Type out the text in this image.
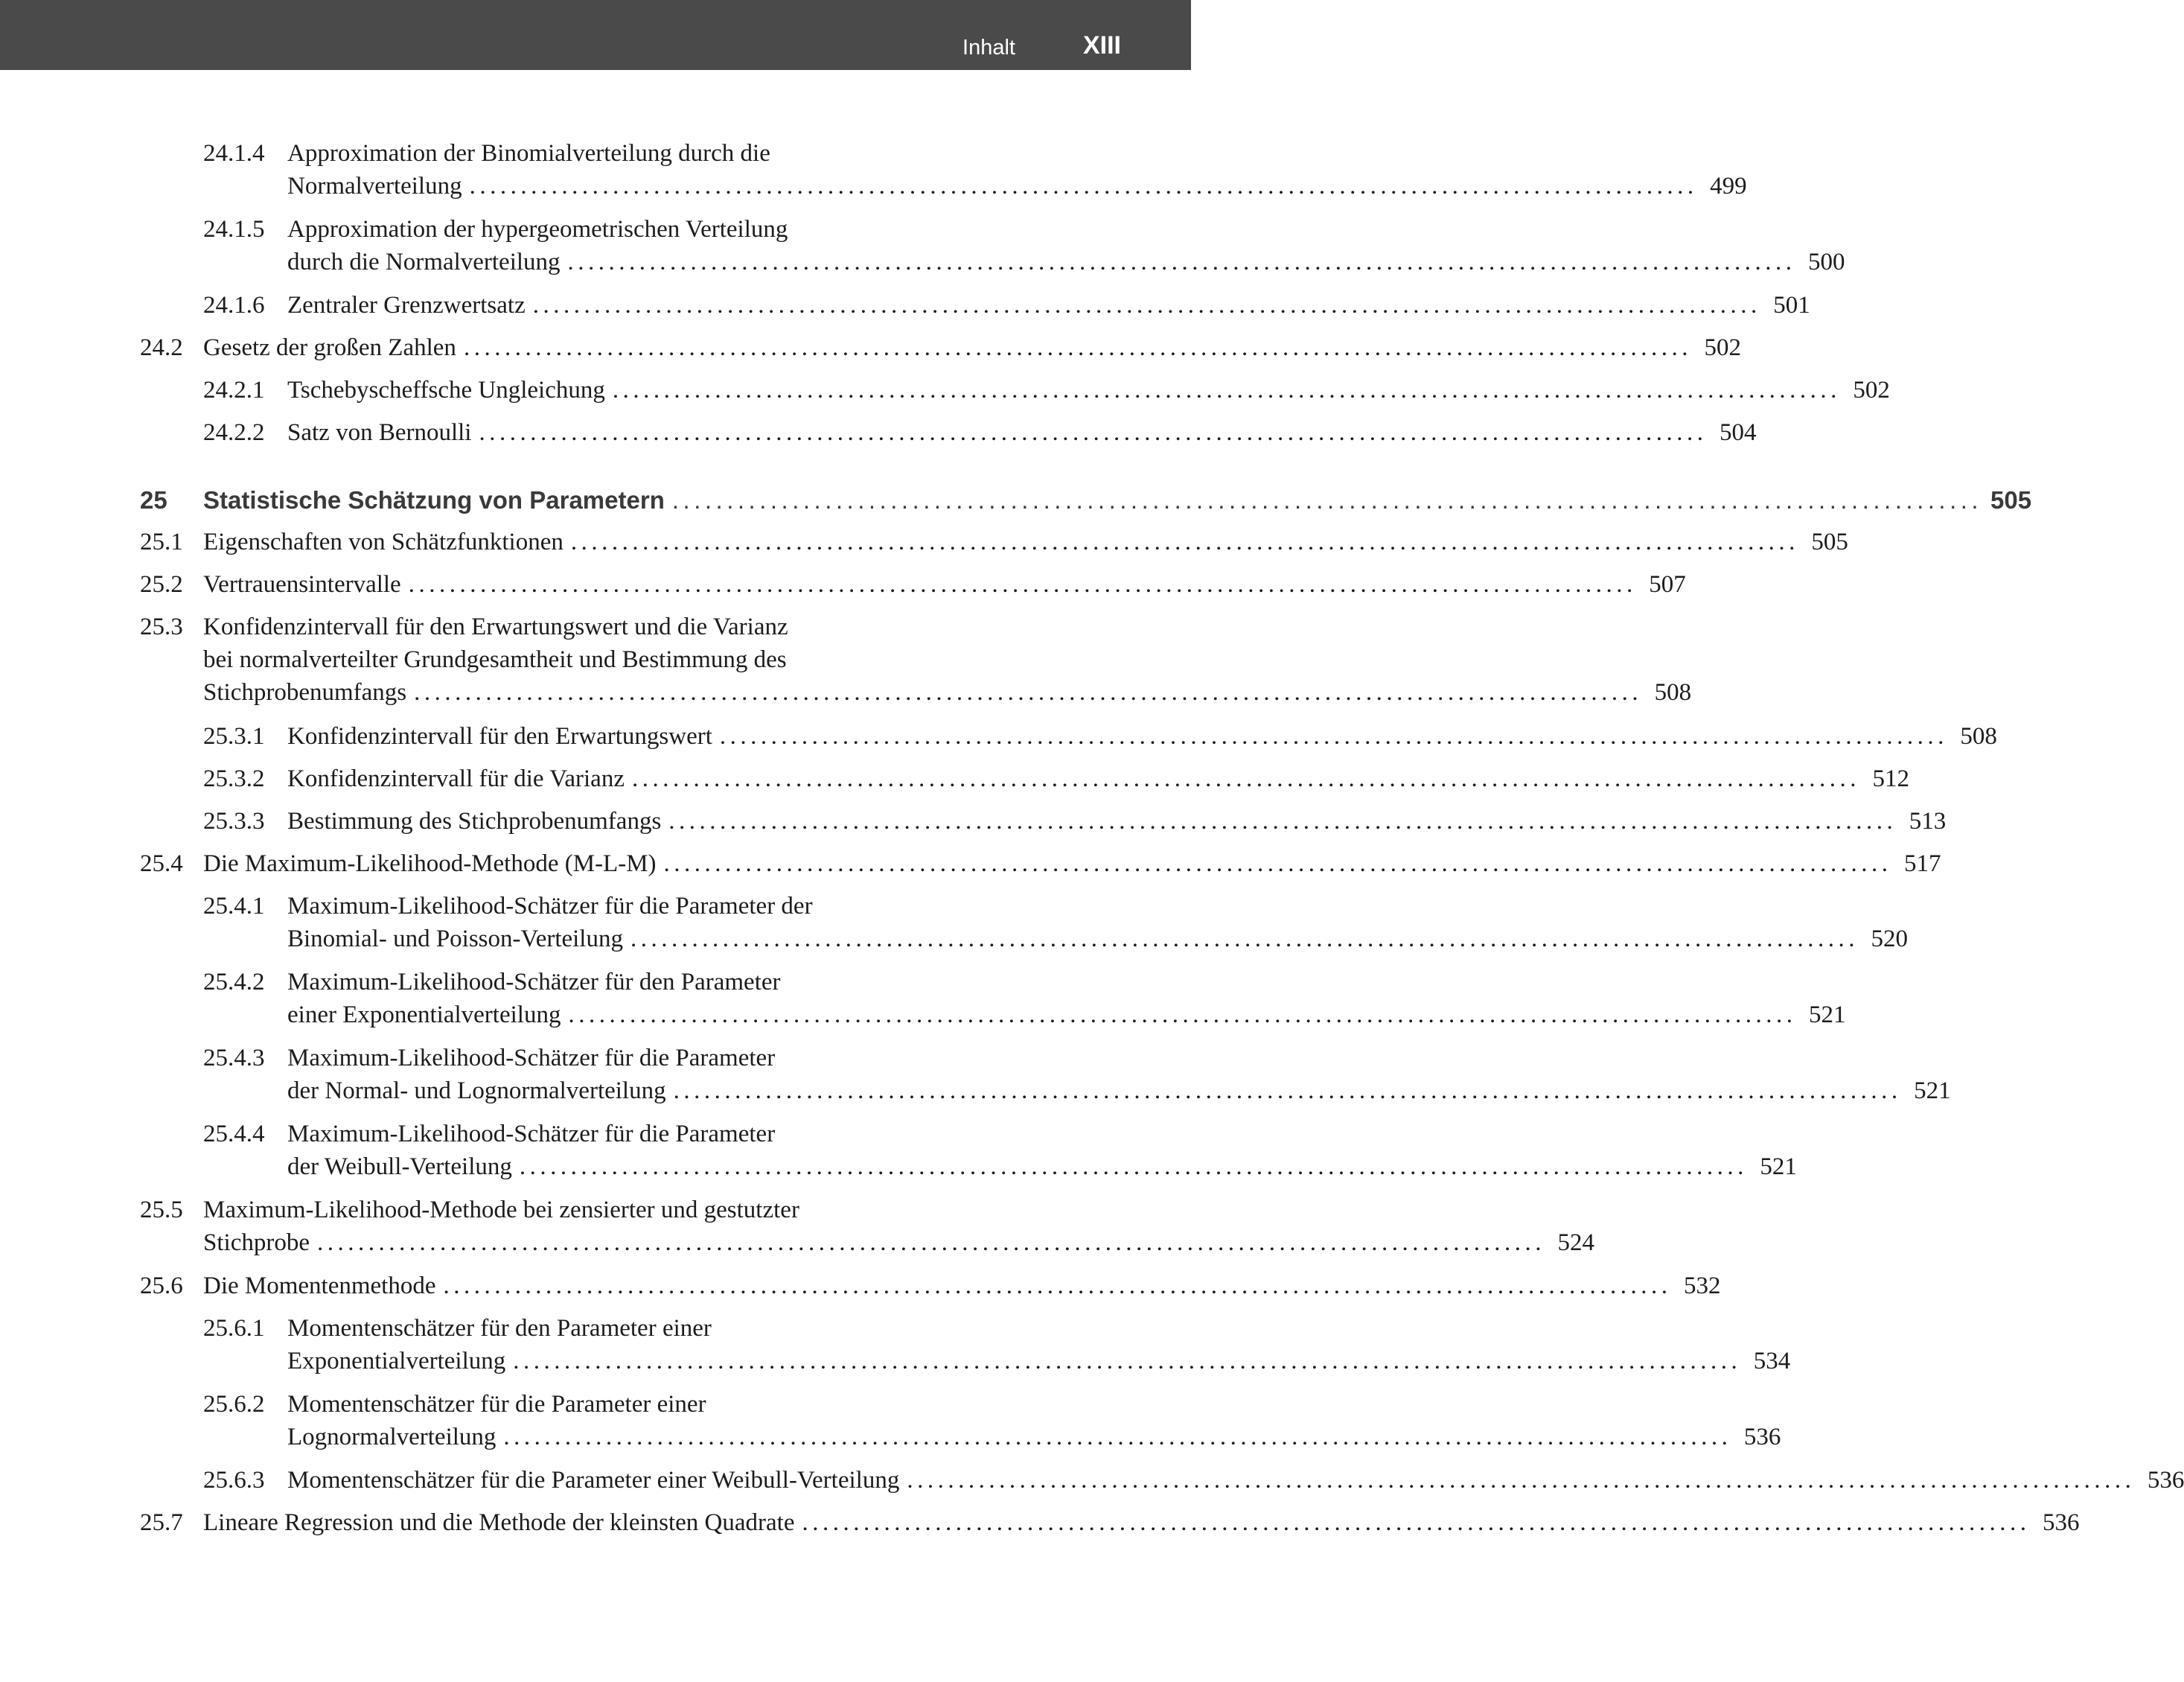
Inhalt	XIII
24.1.4 Approximation der Binomialverteilung durch die
Normalverteilung ........................................................................................................................ 499
24.1.5 Approximation der hypergeometrischen Verteilung
durch die Normalverteilung ........................................................................................................................ 500
24.1.6 Zentraler Grenzwertsatz ........................................................................................................................ 501
24.2 Gesetz der großen Zahlen ........................................................................................................................ 502
24.2.1 Tschebyscheffsche Ungleichung ........................................................................................................................ 502
24.2.2 Satz von Bernoulli ........................................................................................................................ 504
25 Statistische Schätzung von Parametern ........................................................................................................................ 505
25.1 Eigenschaften von Schätzfunktionen ........................................................................................................................ 505
25.2 Vertrauensintervalle ........................................................................................................................ 507
25.3 Konfidenzintervall für den Erwartungswert und die Varianz
bei normalverteilter Grundgesamtheit und Bestimmung des
Stichprobenumfangs ........................................................................................................................ 508
25.3.1 Konfidenzintervall für den Erwartungswert ........................................................................................................................ 508
25.3.2 Konfidenzintervall für die Varianz ........................................................................................................................ 512
25.3.3 Bestimmung des Stichprobenumfangs ........................................................................................................................ 513
25.4 Die Maximum-Likelihood-Methode (M-L-M) ........................................................................................................................ 517
25.4.1 Maximum-Likelihood-Schätzer für die Parameter der
Binomial- und Poisson-Verteilung ........................................................................................................................ 520
25.4.2 Maximum-Likelihood-Schätzer für den Parameter
einer Exponentialverteilung ........................................................................................................................ 521
25.4.3 Maximum-Likelihood-Schätzer für die Parameter
der Normal- und Lognormalverteilung ........................................................................................................................ 521
25.4.4 Maximum-Likelihood-Schätzer für die Parameter
der Weibull-Verteilung ........................................................................................................................ 521
25.5 Maximum-Likelihood-Methode bei zensierter und gestutzter
Stichprobe ........................................................................................................................ 524
25.6 Die Momentenmethode ........................................................................................................................ 532
25.6.1 Momentenschätzer für den Parameter einer
Exponentialverteilung ........................................................................................................................ 534
25.6.2 Momentenschätzer für die Parameter einer
Lognormalverteilung ........................................................................................................................ 536
25.6.3 Momentenschätzer für die Parameter einer Weibull-Verteilung ........................................................................................................................ 536
25.7 Lineare Regression und die Methode der kleinsten Quadrate ........................................................................................................................ 536
